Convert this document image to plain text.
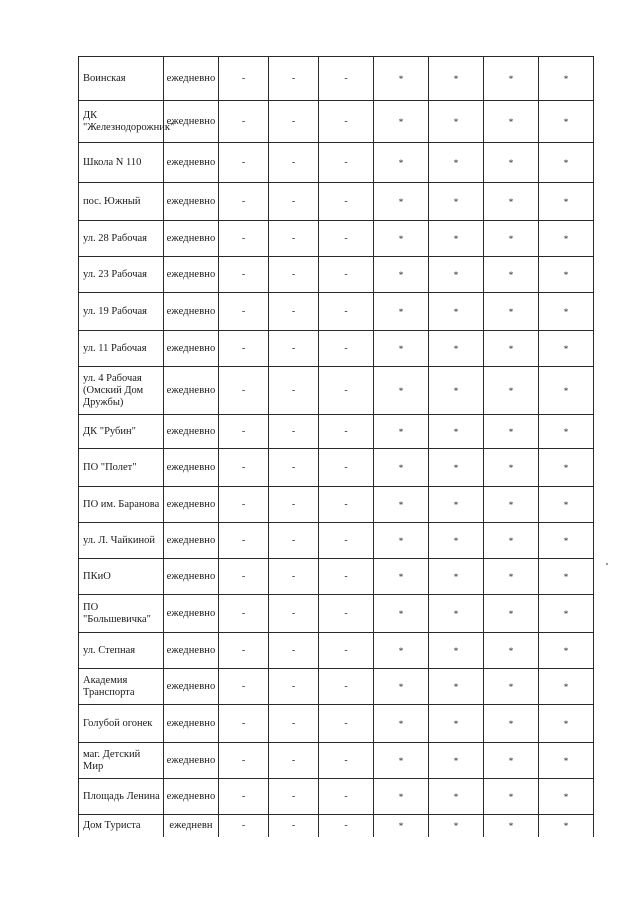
Воинская	ежедневно	-	-	-	*	*	*	*
ДК "Железнодорожник"	ежедневно	-	-	-	*	*	*	*
Школа N 110	ежедневно	-	-	-	*	*	*	*
пос. Южный	ежедневно	-	-	-	*	*	*	*
ул. 28 Рабочая	ежедневно	-	-	-	*	*	*	*
ул. 23 Рабочая	ежедневно	-	-	-	*	*	*	*
ул. 19 Рабочая	ежедневно	-	-	-	*	*	*	*
ул. 11 Рабочая	ежедневно	-	-	-	*	*	*	*
ул. 4 Рабочая (Омский Дом Дружбы)	ежедневно	-	-	-	*	*	*	*
ДК "Рубин"	ежедневно	-	-	-	*	*	*	*
ПО "Полет"	ежедневно	-	-	-	*	*	*	*
ПО им. Баранова	ежедневно	-	-	-	*	*	*	*
ул. Л. Чайкиной	ежедневно	-	-	-	*	*	*	*
ПКиО	ежедневно	-	-	-	*	*	*	*
ПО "Большевичка"	ежедневно	-	-	-	*	*	*	*
ул. Степная	ежедневно	-	-	-	*	*	*	*
Академия Транспорта	ежедневно	-	-	-	*	*	*	*
Голубой огонек	ежедневно	-	-	-	*	*	*	*
маг. Детский Мир	ежедневно	-	-	-	*	*	*	*
Площадь Ленина	ежедневно	-	-	-	*	*	*	*
Дом Туриста	ежедневн	-	-	-	*	*	*	*
